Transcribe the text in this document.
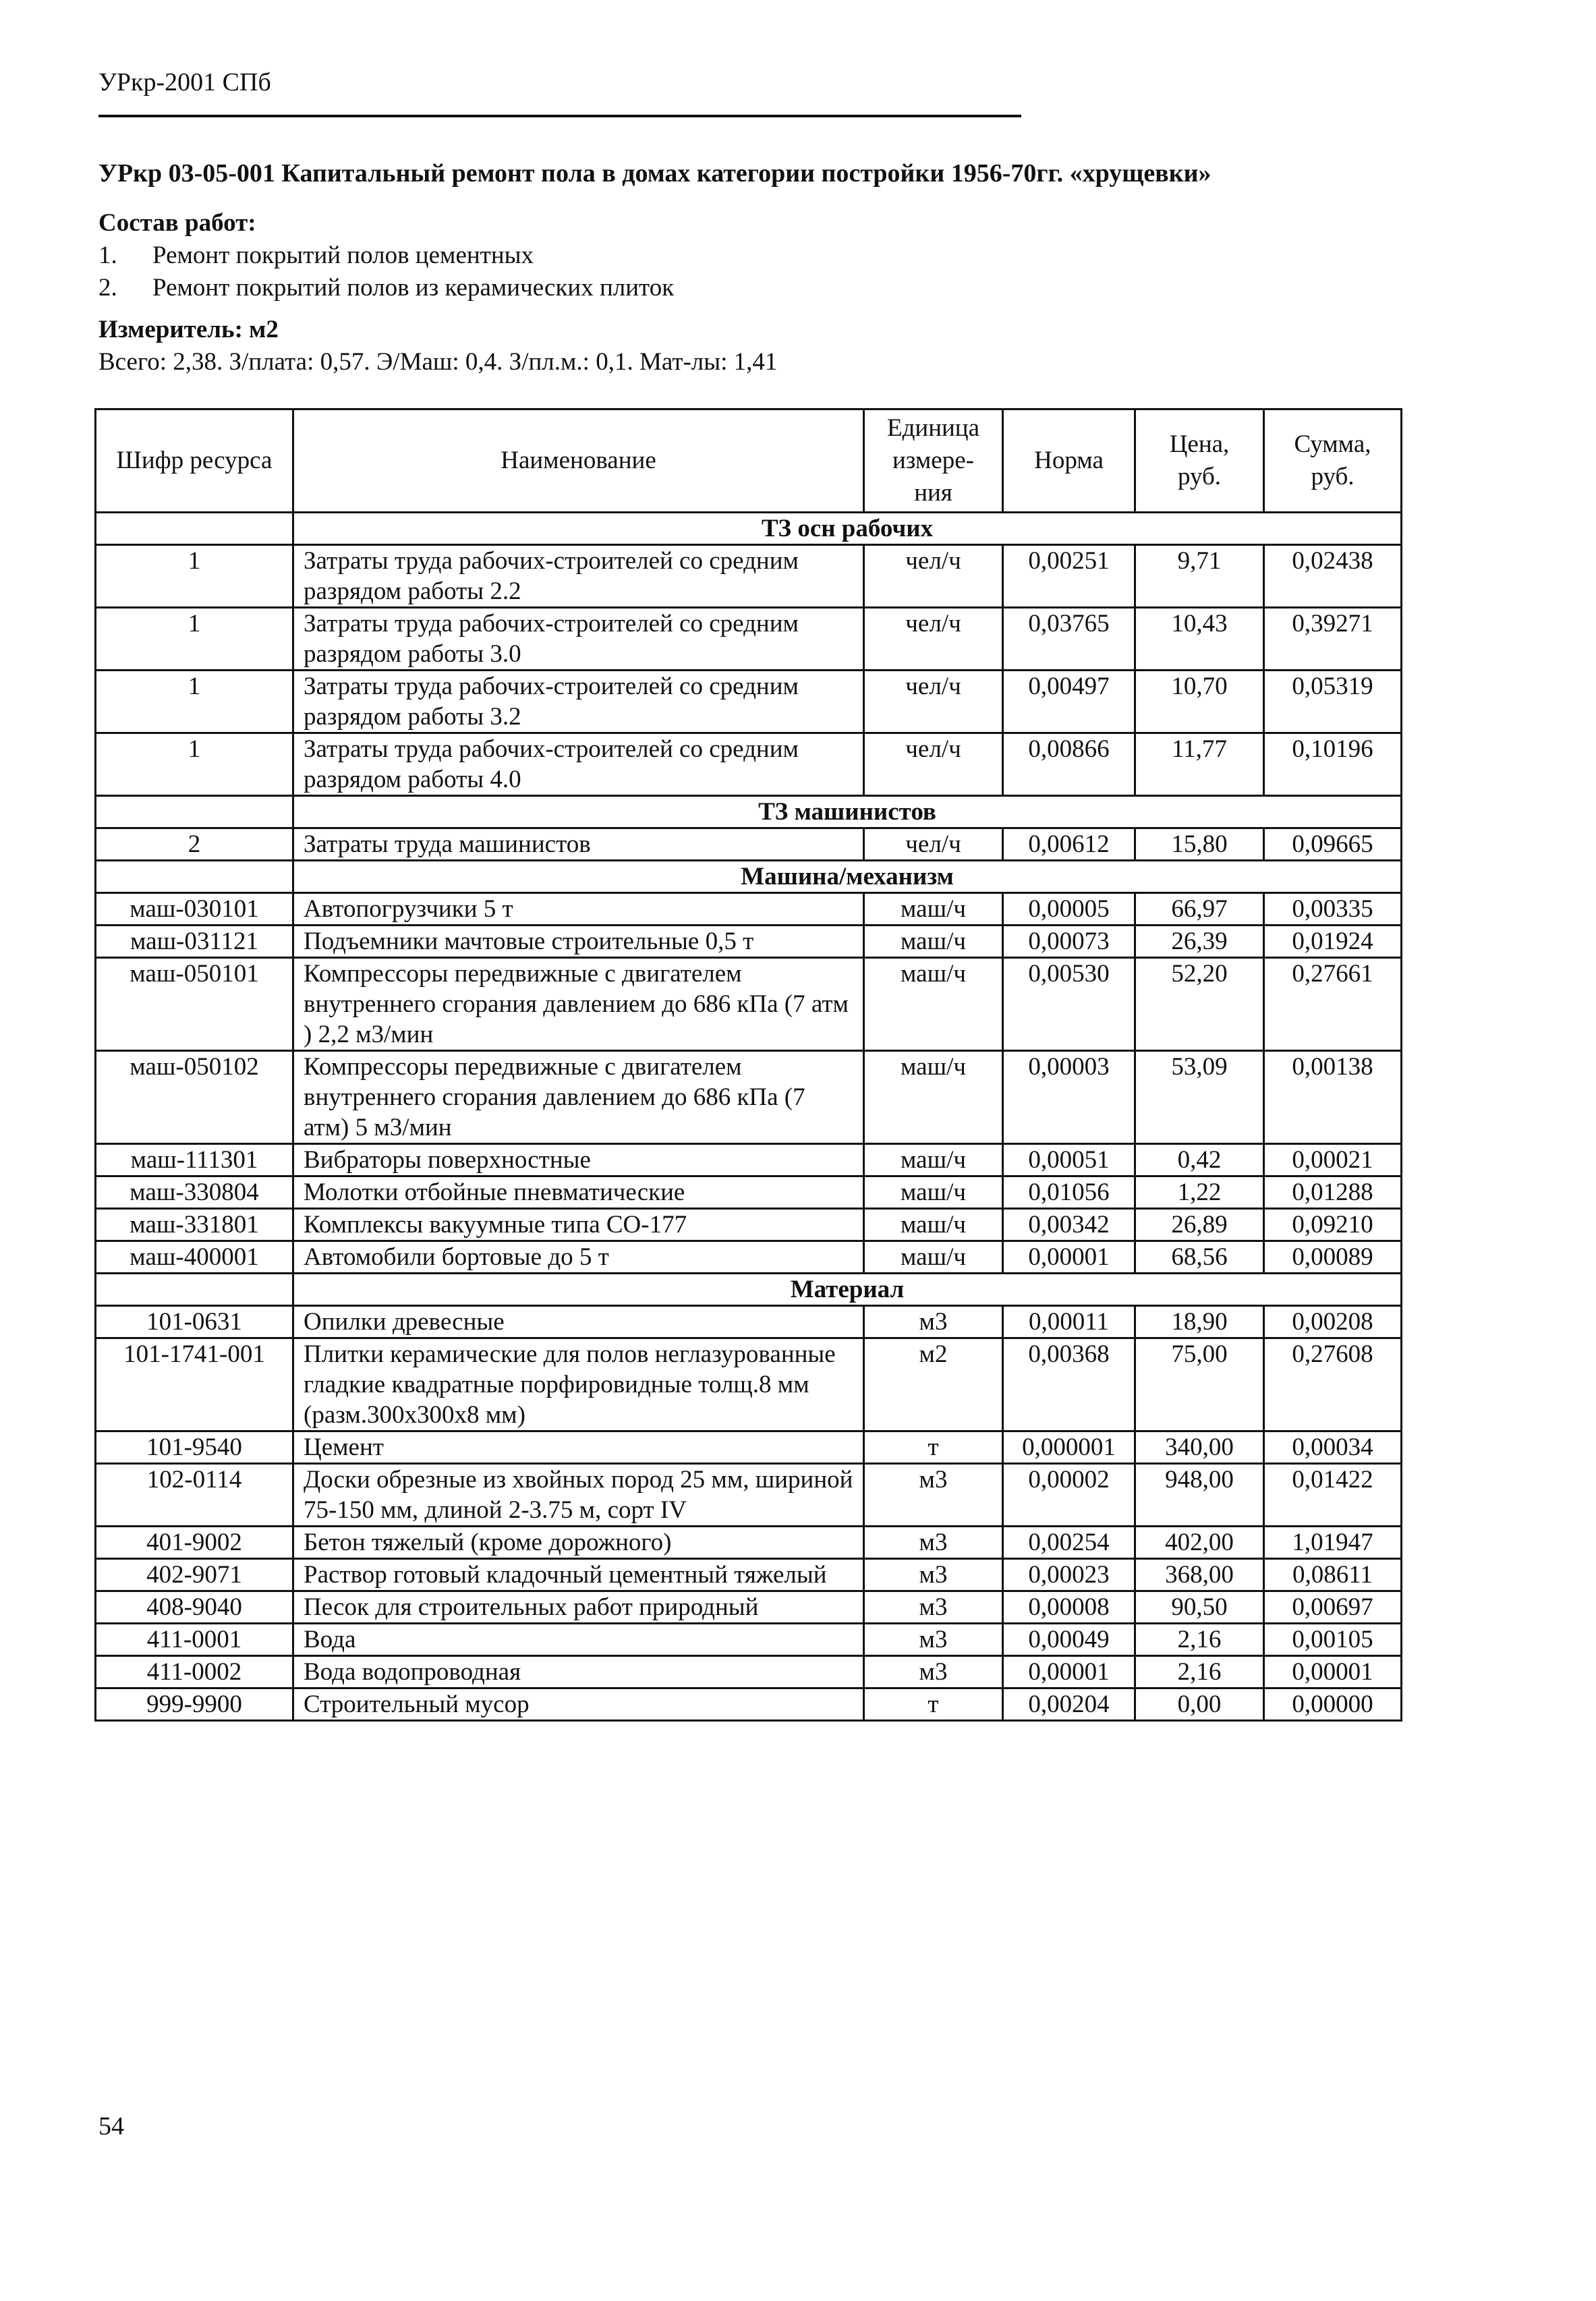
УРкр-2001 СПб
УРкр 03-05-001 Капитальный ремонт пола в домах категории постройки 1956-70гг. «хрущевки»
Состав работ:
1. Ремонт покрытий полов цементных
2. Ремонт покрытий полов из керамических плиток
Измеритель: м2
Всего: 2,38. З/плата: 0,57. Э/Маш: 0,4. З/пл.м.: 0,1. Мат-лы: 1,41
Шифр ресурса	Наименование	Единица измере-ния	Норма	Цена, руб.	Сумма, руб.
	ТЗ осн рабочих				
1	Затраты труда рабочих-строителей со средним разрядом работы 2.2	чел/ч	0,00251	9,71	0,02438
1	Затраты труда рабочих-строителей со средним разрядом работы 3.0	чел/ч	0,03765	10,43	0,39271
1	Затраты труда рабочих-строителей со средним разрядом работы 3.2	чел/ч	0,00497	10,70	0,05319
1	Затраты труда рабочих-строителей со средним разрядом работы 4.0	чел/ч	0,00866	11,77	0,10196
	ТЗ машинистов				
2	Затраты труда машинистов	чел/ч	0,00612	15,80	0,09665
	Машина/механизм				
маш-030101	Автопогрузчики 5 т	маш/ч	0,00005	66,97	0,00335
маш-031121	Подъемники мачтовые строительные 0,5 т	маш/ч	0,00073	26,39	0,01924
маш-050101	Компрессоры передвижные с двигателем внутреннего сгорания давлением до 686 кПа (7 атм ) 2,2 м3/мин	маш/ч	0,00530	52,20	0,27661
маш-050102	Компрессоры передвижные с двигателем внутреннего сгорания давлением до 686 кПа (7 атм) 5 м3/мин	маш/ч	0,00003	53,09	0,00138
маш-111301	Вибраторы поверхностные	маш/ч	0,00051	0,42	0,00021
маш-330804	Молотки отбойные пневматические	маш/ч	0,01056	1,22	0,01288
маш-331801	Комплексы вакуумные типа СО-177	маш/ч	0,00342	26,89	0,09210
маш-400001	Автомобили бортовые до 5 т	маш/ч	0,00001	68,56	0,00089
	Материал				
101-0631	Опилки древесные	м3	0,00011	18,90	0,00208
101-1741-001	Плитки керамические для полов неглазурованные гладкие квадратные порфировидные толщ.8 мм (разм.300х300х8 мм)	м2	0,00368	75,00	0,27608
101-9540	Цемент	т	0,000001	340,00	0,00034
102-0114	Доски обрезные из хвойных пород 25 мм, шириной 75-150 мм, длиной 2-3.75 м, сорт IV	м3	0,00002	948,00	0,01422
401-9002	Бетон тяжелый (кроме дорожного)	м3	0,00254	402,00	1,01947
402-9071	Раствор готовый кладочный цементный тяжелый	м3	0,00023	368,00	0,08611
408-9040	Песок для строительных работ природный	м3	0,00008	90,50	0,00697
411-0001	Вода	м3	0,00049	2,16	0,00105
411-0002	Вода водопроводная	м3	0,00001	2,16	0,00001
999-9900	Строительный мусор	т	0,00204	0,00	0,00000
54
